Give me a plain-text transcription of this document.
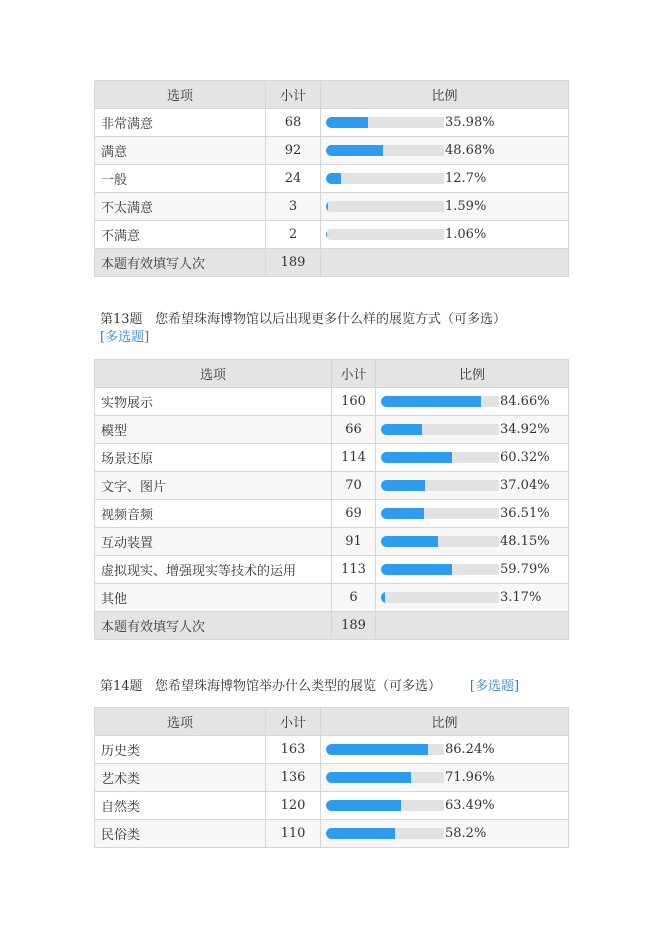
选项	小计	比例
非常满意	68	35.98%

满意	92	48.68%

一般	24	12.7%

不太满意	3	1.59%

不满意	2	1.06%

本题有效填写人次	189	
第13题 您希望珠海博物馆以后出现更多什么样的展览方式（可多选）
[多选题]
选项	小计	比例
实物展示	160	84.66%

模型	66	34.92%

场景还原	114	60.32%

文字、图片	70	37.04%

视频音频	69	36.51%

互动装置	91	48.15%

虚拟现实、增强现实等技术的运用	113	59.79%

其他	6	3.17%

本题有效填写人次	189	
第14题 您希望珠海博物馆举办什么类型的展览（可多选） [多选题]
选项	小计	比例
历史类	163	86.24%

艺术类	136	71.96%

自然类	120	63.49%

民俗类	110	58.2%
